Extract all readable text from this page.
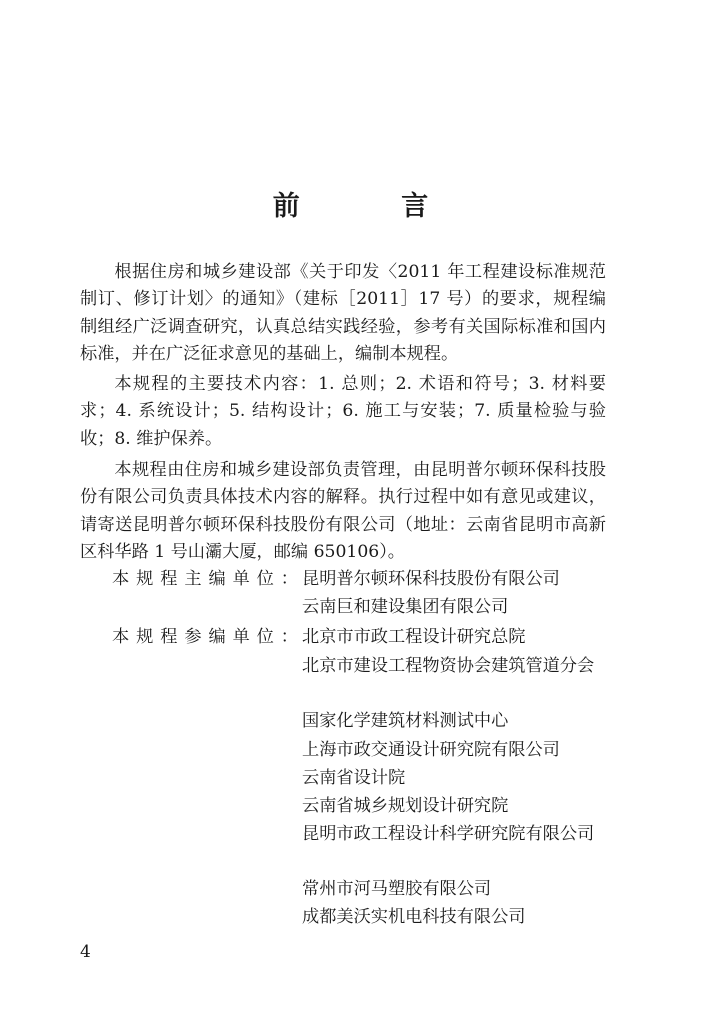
前 言

根据住房和城乡建设部《关于印发〈2011 年工程建设标准规范制订、修订计划〉的通知》（建标［2011］17 号）的要求，规程编制组经广泛调查研究，认真总结实践经验，参考有关国际标准和国内标准，并在广泛征求意见的基础上，编制本规程。

本规程的主要技术内容：1. 总则；2. 术语和符号；3. 材料要求；4. 系统设计；5. 结构设计；6. 施工与安装；7. 质量检验与验收；8. 维护保养。

本规程由住房和城乡建设部负责管理，由昆明普尔顿环保科技股份有限公司负责具体技术内容的解释。执行过程中如有意见或建议，请寄送昆明普尔顿环保科技股份有限公司（地址：云南省昆明市高新区科华路 1 号山灞大厦，邮编 650106）。

本规程主编单位： 昆明普尔顿环保科技股份有限公司
云南巨和建设集团有限公司
本规程参编单位： 北京市市政工程设计研究总院
北京市建设工程物资协会建筑管道分会
国家化学建筑材料测试中心
上海市政交通设计研究院有限公司
云南省设计院
云南省城乡规划设计研究院
昆明市政工程设计科学研究院有限公司
常州市河马塑胶有限公司
成都美沃实机电科技有限公司
4
